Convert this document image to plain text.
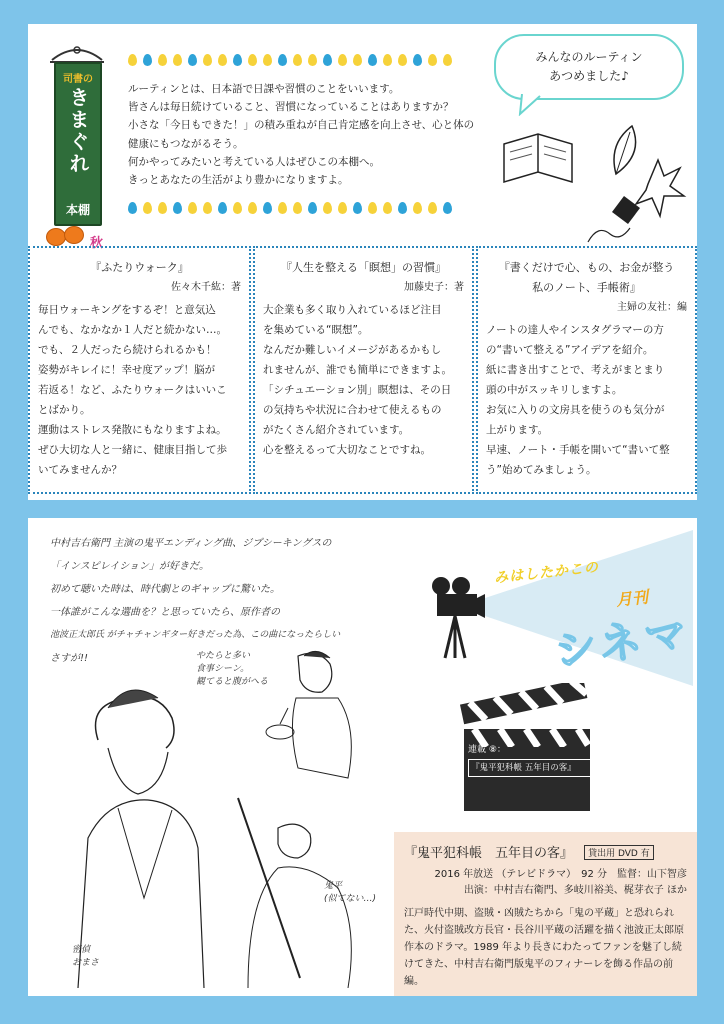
司書の
きまぐれ
本棚
秋
ルーティンとは、日本語で日課や習慣のことをいいます。
皆さんは毎日続けていること、習慣になっていることはありますか？
小さな「今日もできた！」の積み重ねが自己肯定感を向上させ、心と体の
健康にもつながるそう。
何かやってみたいと考えている人はぜひこの本棚へ。
きっとあなたの生活がより豊かになりますよ。
みんなのルーティン
あつめました♪
『ふたりウォーク』
佐々木千紘：著
毎日ウォーキングをするぞ！と意気込
んでも、なかなか１人だと続かない…。
でも、２人だったら続けられるかも！
姿勢がキレイに！幸せ度アップ！脳が
若返る！など、ふたりウォークはいいこ
とばかり。
運動はストレス発散にもなりますよね。
ぜひ大切な人と一緒に、健康目指して歩
いてみませんか？
『人生を整える「瞑想」の習慣』
加藤史子：著
大企業も多く取り入れているほど注目
を集めている“瞑想”。
なんだか難しいイメージがあるかもし
れませんが、誰でも簡単にできますよ。
「シチュエーション別」瞑想は、その日
の気持ちや状況に合わせて使えるもの
がたくさん紹介されています。
心を整えるって大切なことですね。
『書くだけで心、もの、お金が整う
私のノート、手帳術』
主婦の友社：編
ノートの達人やインスタグラマーの方
の“書いて整える”アイデアを紹介。
紙に書き出すことで、考えがまとまり
頭の中がスッキリしますよ。
お気に入りの文房具を使うのも気分が
上がります。
早速、ノート・手帳を開いて“書いて整
う”始めてみましょう。
中村吉右衛門 主演の鬼平エンディング曲、ジプシーキングスの
「インスピレイション」が好きだ。
初めて聴いた時は、時代劇とのギャップに驚いた。
一体誰がこんな選曲を？と思っていたら、原作者の
池波正太郎氏 がチャチャンギター好きだった為、この曲になったらしい
さすが!!	やたらと多い
食事シーン。
観てると腹がへる
密偵
おまさ
鬼平
(似てない…)
みはしたかこの
月刊
シネマ
連載 ⑧：
『鬼平犯科帳 五年目の客』
『鬼平犯科帳　五年目の客』 貸出用 DVD 有
2016 年放送 （テレビドラマ）　92 分　監督：山下智彦
出演：中村吉右衛門、多岐川裕美、梶芽衣子 ほか
江戸時代中期、盗賊・凶賊たちから「鬼の平蔵」と恐れられた、火付盗賊改方長官・長谷川平蔵の活躍を描く池波正太郎原作本のドラマ。1989 年より長きにわたってファンを魅了し続けてきた、中村吉右衛門版鬼平のフィナーレを飾る作品の前編。
